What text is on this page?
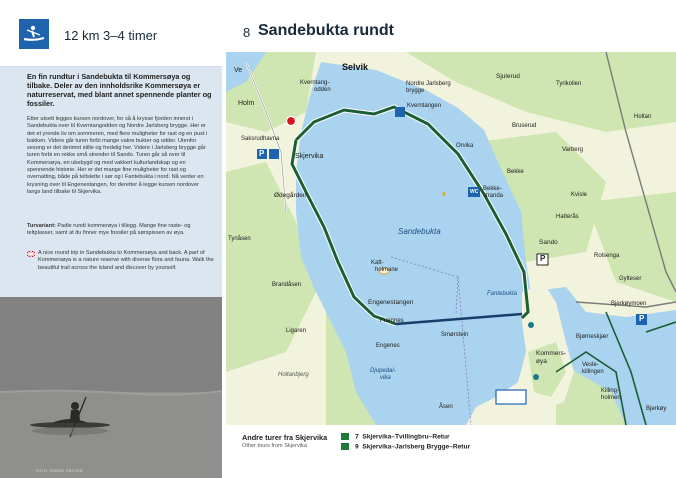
12 km 3–4 timer

En fin rundtur i Sandebukta til Kommersøya og tilbake. Deler av den innholdsrike Kommersøya er naturreservat, med blant annet spennende planter og fossiler.

Etter utsett legges kursen nordover, for så å krysse fjorden innerst i Sandebukta over til Kverntangodden og Nordre Jarlsberg brygge. Her er det et yrende liv om sommeren, med flere muligheter for rast og en pust i bakken. Videre går turen forbi mange vakre bukter og odder. Utenfor sesong er det derimot stille og fredelig her. Videre i Jarlsberg brygge går turen forbi en rekke små strender til Sando. Turen går så over til Kommersøya, en ubebygd og med vakkert kulturlandskap og en spennende historie. Her er det mange fine muligheter for rast og overnatting, både på teltslette i sør og i Fantebukta i nord. Nå venter en krysning over til Engenestangen, for deretter å legge kursen nordover langs land tilbake til Skjervika.

Turvariant: Padle rundt kommerøya i tillegg. Mange fine raste- og teltplasser, samt at du finner mye fossiler på sørspissen av øya.

A nice round trip in Sandebukta to Kommersøya and back. A part of Kommersøya is a nature reserve with diverse flora and fauna. Walk the beautiful trail across the island and discover by yourself.

FOTO: SINDRE GROVEN
8 Sandebukta rundt
Ve	Selvik
Holm
Kverntang-
odden
Nordre Jarlsberg
brygge
Kverntangen
Sjulerud
Tyrikollen
Holtan
Bruserud
Saksrudhavna
Orvika
Varberg
Skjervika
Bekke
Bekke-
stranda	Kvisle
Ødegården
Sandebukta
Hatterås
Tynåsen	Sando
Rolsenga
Katt-
holmane
Gylteser
Brandåsen
Fantebukta
Bjerkøymoen
Engenestangen
Bjørneskjær
Ligaren
Framnes
Smørstein
Kommers-
øya
Engenes
Holtanbjerg
Djupedal-
vika
Vesle-
killingen
Killing-
holmen
Åsen	Bjerkøy
P
WC
P
P
Andre turer fra Skjervika
Other tours from Skjervika
7 Skjervika–Tvillingbru–Retur
9 Skjervika–Jarlsberg Brygge–Retur
